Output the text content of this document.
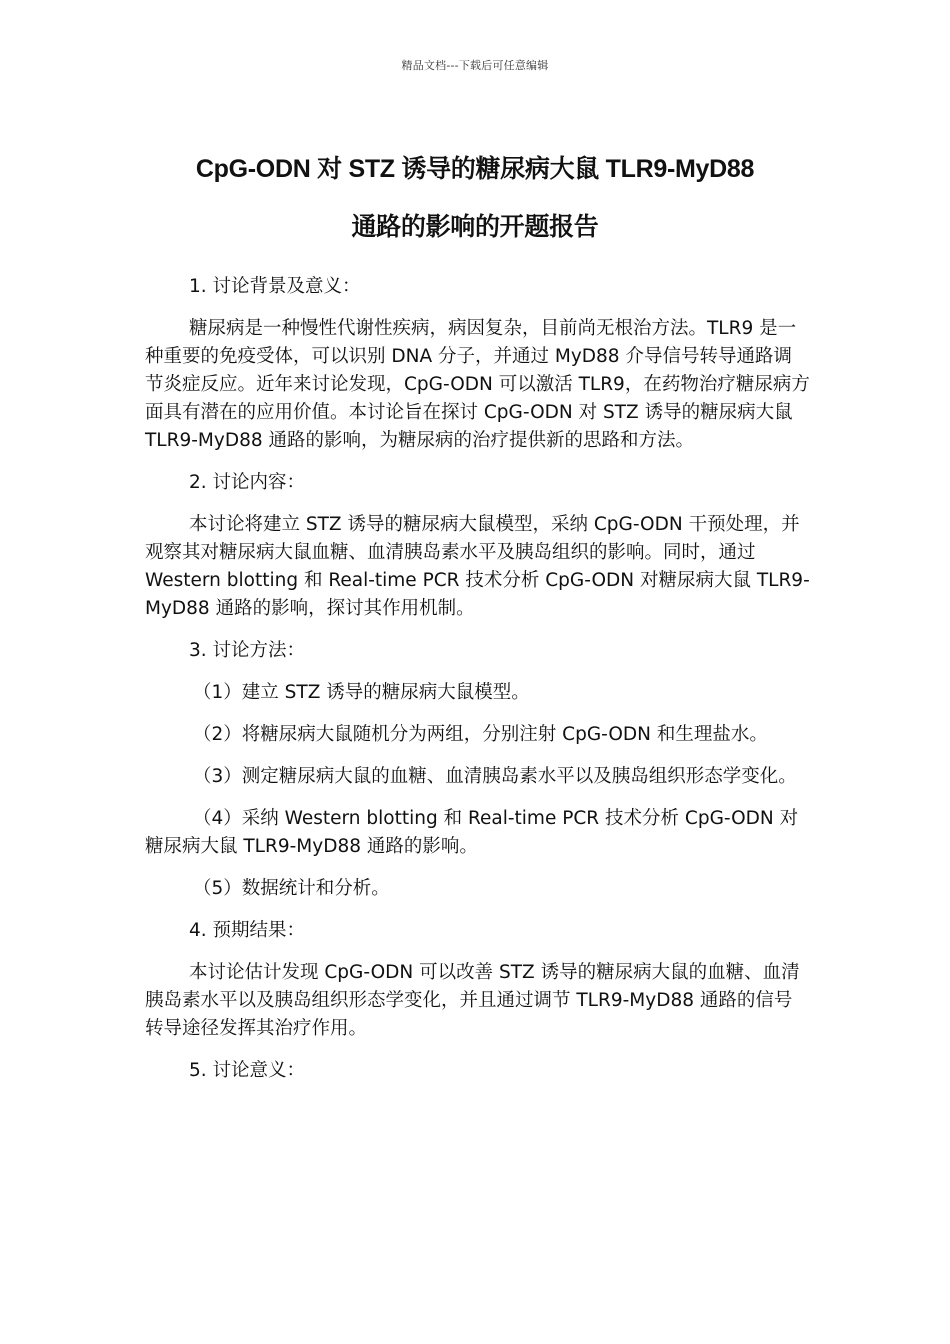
精品文档---下载后可任意编辑
CpG-ODN 对 STZ 诱导的糖尿病大鼠 TLR9-MyD88
通路的影响的开题报告

1. 讨论背景及意义：

糖尿病是一种慢性代谢性疾病，病因复杂，目前尚无根治方法。TLR9 是一种重要的免疫受体，可以识别 DNA 分子，并通过 MyD88 介导信号转导通路调节炎症反应。近年来讨论发现，CpG-ODN 可以激活 TLR9，在药物治疗糖尿病方面具有潜在的应用价值。本讨论旨在探讨 CpG-ODN 对 STZ 诱导的糖尿病大鼠 TLR9-MyD88 通路的影响，为糖尿病的治疗提供新的思路和方法。

2. 讨论内容：

本讨论将建立 STZ 诱导的糖尿病大鼠模型，采纳 CpG-ODN 干预处理，并观察其对糖尿病大鼠血糖、血清胰岛素水平及胰岛组织的影响。同时，通过 Western blotting 和 Real-time PCR 技术分析 CpG-ODN 对糖尿病大鼠 TLR9-MyD88 通路的影响，探讨其作用机制。

3. 讨论方法：

（1）建立 STZ 诱导的糖尿病大鼠模型。

（2）将糖尿病大鼠随机分为两组，分别注射 CpG-ODN 和生理盐水。

（3）测定糖尿病大鼠的血糖、血清胰岛素水平以及胰岛组织形态学变化。

（4）采纳 Western blotting 和 Real-time PCR 技术分析 CpG-ODN 对糖尿病大鼠 TLR9-MyD88 通路的影响。

（5）数据统计和分析。

4. 预期结果：

本讨论估计发现 CpG-ODN 可以改善 STZ 诱导的糖尿病大鼠的血糖、血清胰岛素水平以及胰岛组织形态学变化，并且通过调节 TLR9-MyD88 通路的信号转导途径发挥其治疗作用。

5. 讨论意义：
